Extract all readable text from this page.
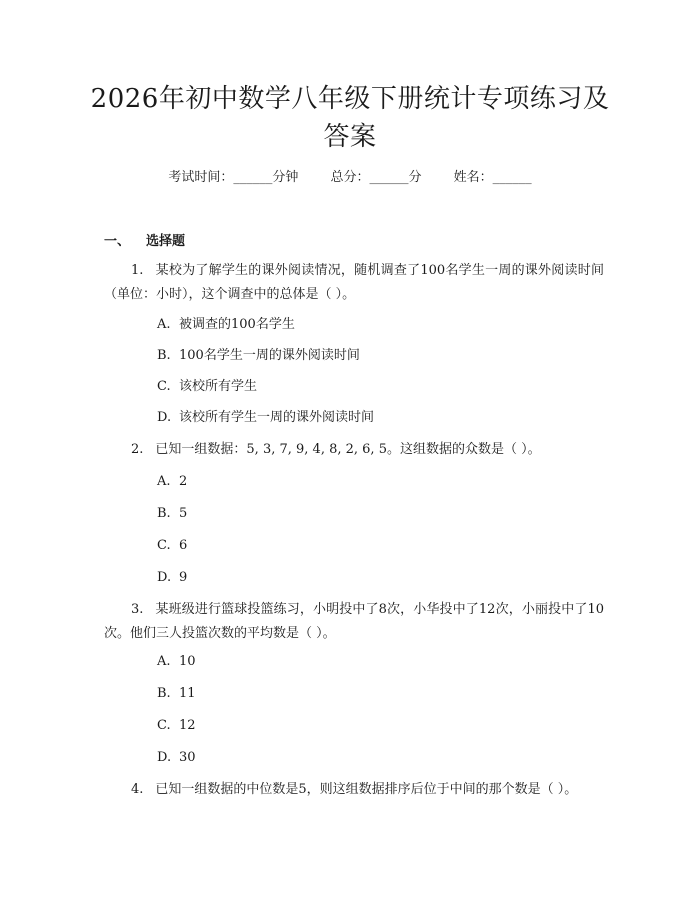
2026年初中数学八年级下册统计专项练习及答案
考试时间：______分钟 总分：______分 姓名：______
一、 选择题
1. 某校为了解学生的课外阅读情况，随机调查了100名学生一周的课外阅读时间（单位：小时），这个调查中的总体是（ ）。
A. 被调查的100名学生
B. 100名学生一周的课外阅读时间
C. 该校所有学生
D. 该校所有学生一周的课外阅读时间
2. 已知一组数据：5, 3, 7, 9, 4, 8, 2, 6, 5。这组数据的众数是（ ）。
A. 2
B. 5
C. 6
D. 9
3. 某班级进行篮球投篮练习，小明投中了8次，小华投中了12次，小丽投中了10次。他们三人投篮次数的平均数是（ ）。
A. 10
B. 11
C. 12
D. 30
4. 已知一组数据的中位数是5，则这组数据排序后位于中间的那个数是（ ）。
